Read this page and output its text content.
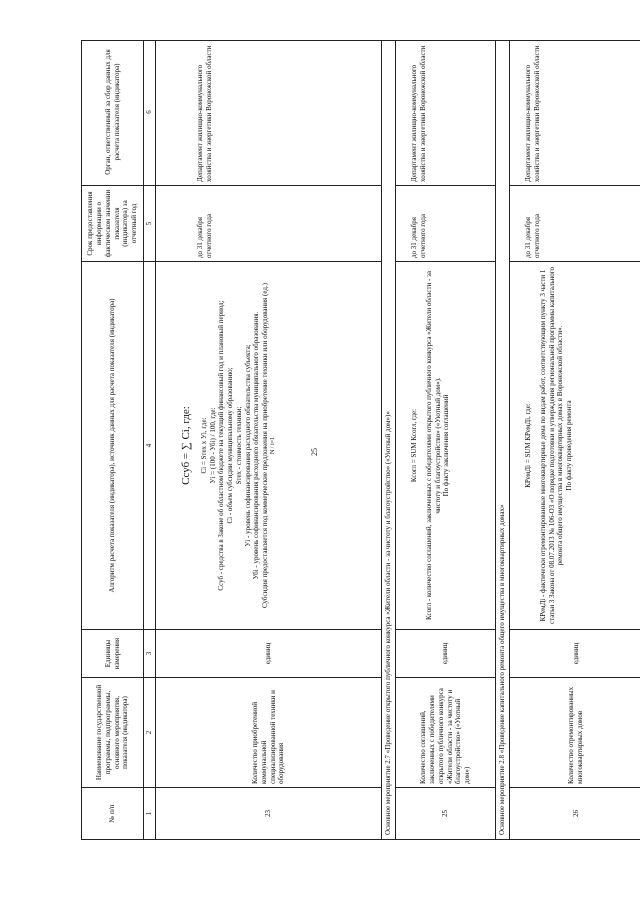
25
№ п/п
Наименование государственной программы, подпрограммы, основного мероприятия, показателя (индикатора)
Единицы измерения
Алгоритм расчета показателя (индикатора), источник данных для расчета показателя (индикатора)
Срок предоставления информации о фактическом значении показателя (индикатора) за отчетный год
Орган, ответственный за сбор данных для расчета показателя (индикатора)
1
2
3
4
5
6
23
Количество приобретенной коммунальной специализированной техники и оборудования
единиц

Cсуб = ∑ Ci, где: Ci = Sтех х Уi, где: Уi = (100 - Убi) / 100, где: Ссуб - средства в Законе об областном бюджете на текущий финансовый год и плановый период; Ci - объем субсидии муниципальному образованию; Sтех - стоимость техники; Уi - уровень софинансирования расходного обязательства субъекта; Убi - уровень софинансирования расходного обязательства муниципального образования. Субсидия предоставляется под коммерческие предложения на приобретение техники или оборудования (ед.) N / i=1

до 31 декабря отчетного года
Департамент жилищно-коммунального хозяйства и энергетики Воронежской области
Основное мероприятие 2.7 «Проведение открытого публичного конкурса «Жители области - за чистоту и благоустройство» («Уютный дом»)»	25
Количество соглашений, заключенных с победителями открытого публичного конкурса «Жители области - за чистоту и благоустройство» («Уютный дом»)
единиц

Ксогл = SUM Ксогл, где: Ксогл - количество соглашений, заключенных с победителями открытого публичного конкурса «Жители области - за чистоту и благоустройство» («Уютный дом»). По факту заключения соглашений

до 31 декабря отчетного года
Департамент жилищно-коммунального хозяйства и энергетики Воронежской области
Основное мероприятие 2.8 «Проведение капитального ремонта общего имущества в многоквартирных домах»	26
Количество отремонтированных многоквартирных домов
единиц

КРемДi = SUM КРемДi, где: КРемДi - фактически отремонтированные многоквартирные дома по видам работ, соответствующим пункту 3 части 1 статьи 3 Закона от 08.07.2013 № 106-ОЗ «О порядке подготовки и утверждения региональной программы капитального ремонта общего имущества в многоквартирных домах в Воронежской области». По факту проведения ремонта

до 31 декабря отчетного года
Департамент жилищно-коммунального хозяйства и энергетики Воронежской области
